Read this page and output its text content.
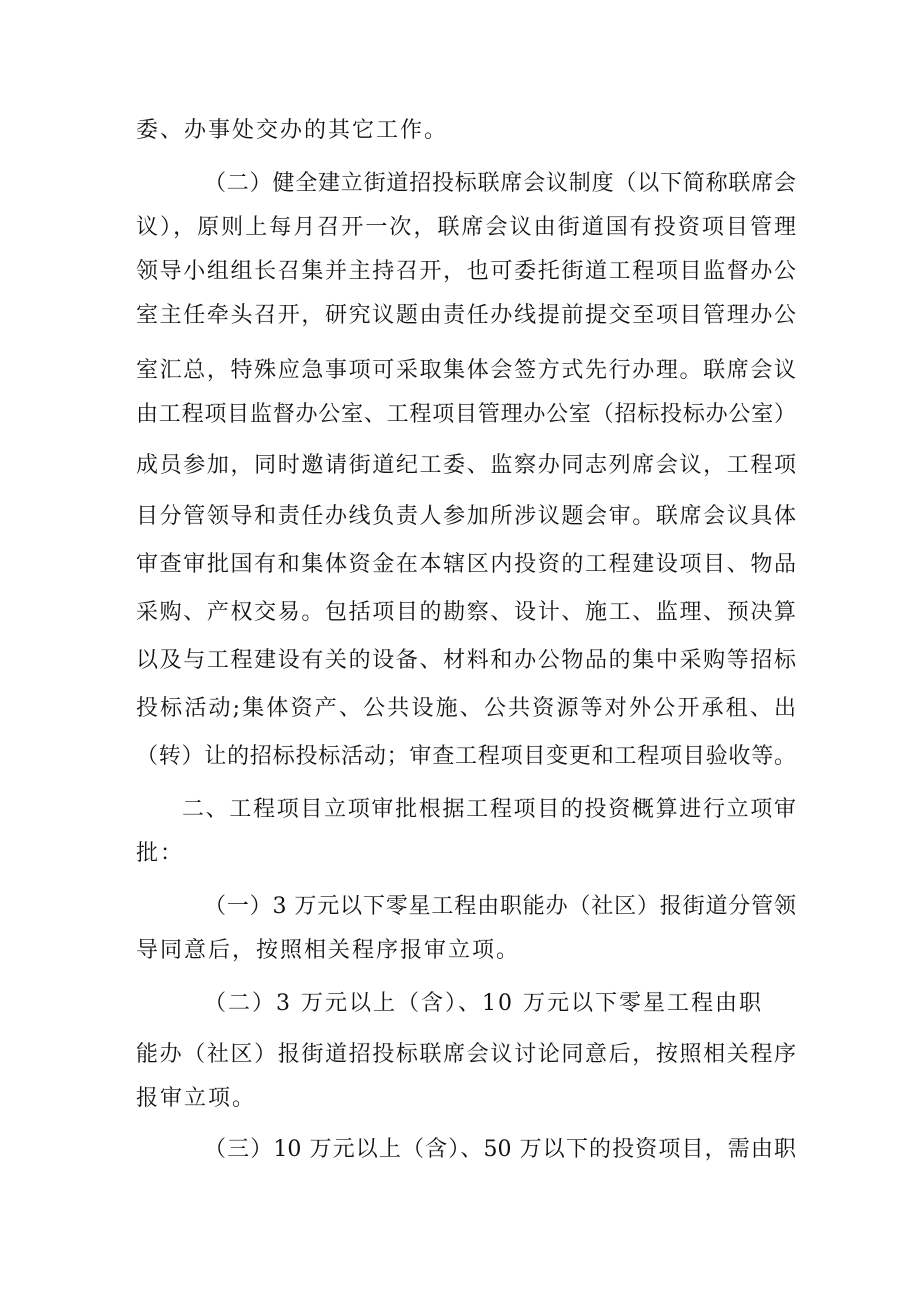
委、办事处交办的其它工作。
（二）健全建立街道招投标联席会议制度（以下简称联席会
议），原则上每月召开一次，联席会议由街道国有投资项目管理
领导小组组长召集并主持召开，也可委托街道工程项目监督办公
室主任牵头召开，研究议题由责任办线提前提交至项目管理办公
室汇总，特殊应急事项可采取集体会签方式先行办理。联席会议
由工程项目监督办公室、工程项目管理办公室（招标投标办公室）
成员参加，同时邀请街道纪工委、监察办同志列席会议，工程项
目分管领导和责任办线负责人参加所涉议题会审。联席会议具体
审查审批国有和集体资金在本辖区内投资的工程建设项目、物品
采购、产权交易。包括项目的勘察、设计、施工、监理、预决算
以及与工程建设有关的设备、材料和办公物品的集中采购等招标
投标活动;集体资产、公共设施、公共资源等对外公开承租、出
（转）让的招标投标活动；审查工程项目变更和工程项目验收等。
二、工程项目立项审批根据工程项目的投资概算进行立项审
批：
（一）3 万元以下零星工程由职能办（社区）报街道分管领
导同意后，按照相关程序报审立项。
（二）3 万元以上（含）、10 万元以下零星工程由职
能办（社区）报街道招投标联席会议讨论同意后，按照相关程序
报审立项。
（三）10 万元以上（含）、50 万以下的投资项目，需由职
